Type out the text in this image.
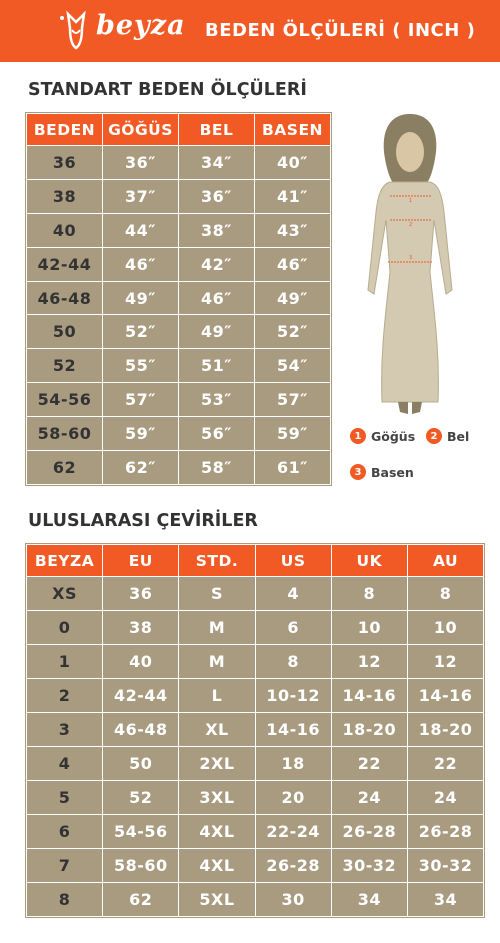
beyza BEDEN ÖLÇÜLERİ ( INCH )
STANDART BEDEN ÖLÇÜLERİ
BEDEN	GÖĞÜS	BEL	BASEN
36	36″	34″	40″
38	37″	36″	41″
40	44″	38″	43″
42-44	46″	42″	46″
46-48	49″	46″	49″
50	52″	49″	52″
52	55″	51″	54″
54-56	57″	53″	57″
58-60	59″	56″	59″
62	62″	58″	61″
1
2
3
1 Göğüs	2 Bel
3 Basen
ULUSLARASI ÇEVİRİLER
BEYZA	EU	STD.	US	UK	AU
XS	36	S	4	8	8
0	38	M	6	10	10
1	40	M	8	12	12
2	42-44	L	10-12	14-16	14-16
3	46-48	XL	14-16	18-20	18-20
4	50	2XL	18	22	22
5	52	3XL	20	24	24
6	54-56	4XL	22-24	26-28	26-28
7	58-60	4XL	26-28	30-32	30-32
8	62	5XL	30	34	34
